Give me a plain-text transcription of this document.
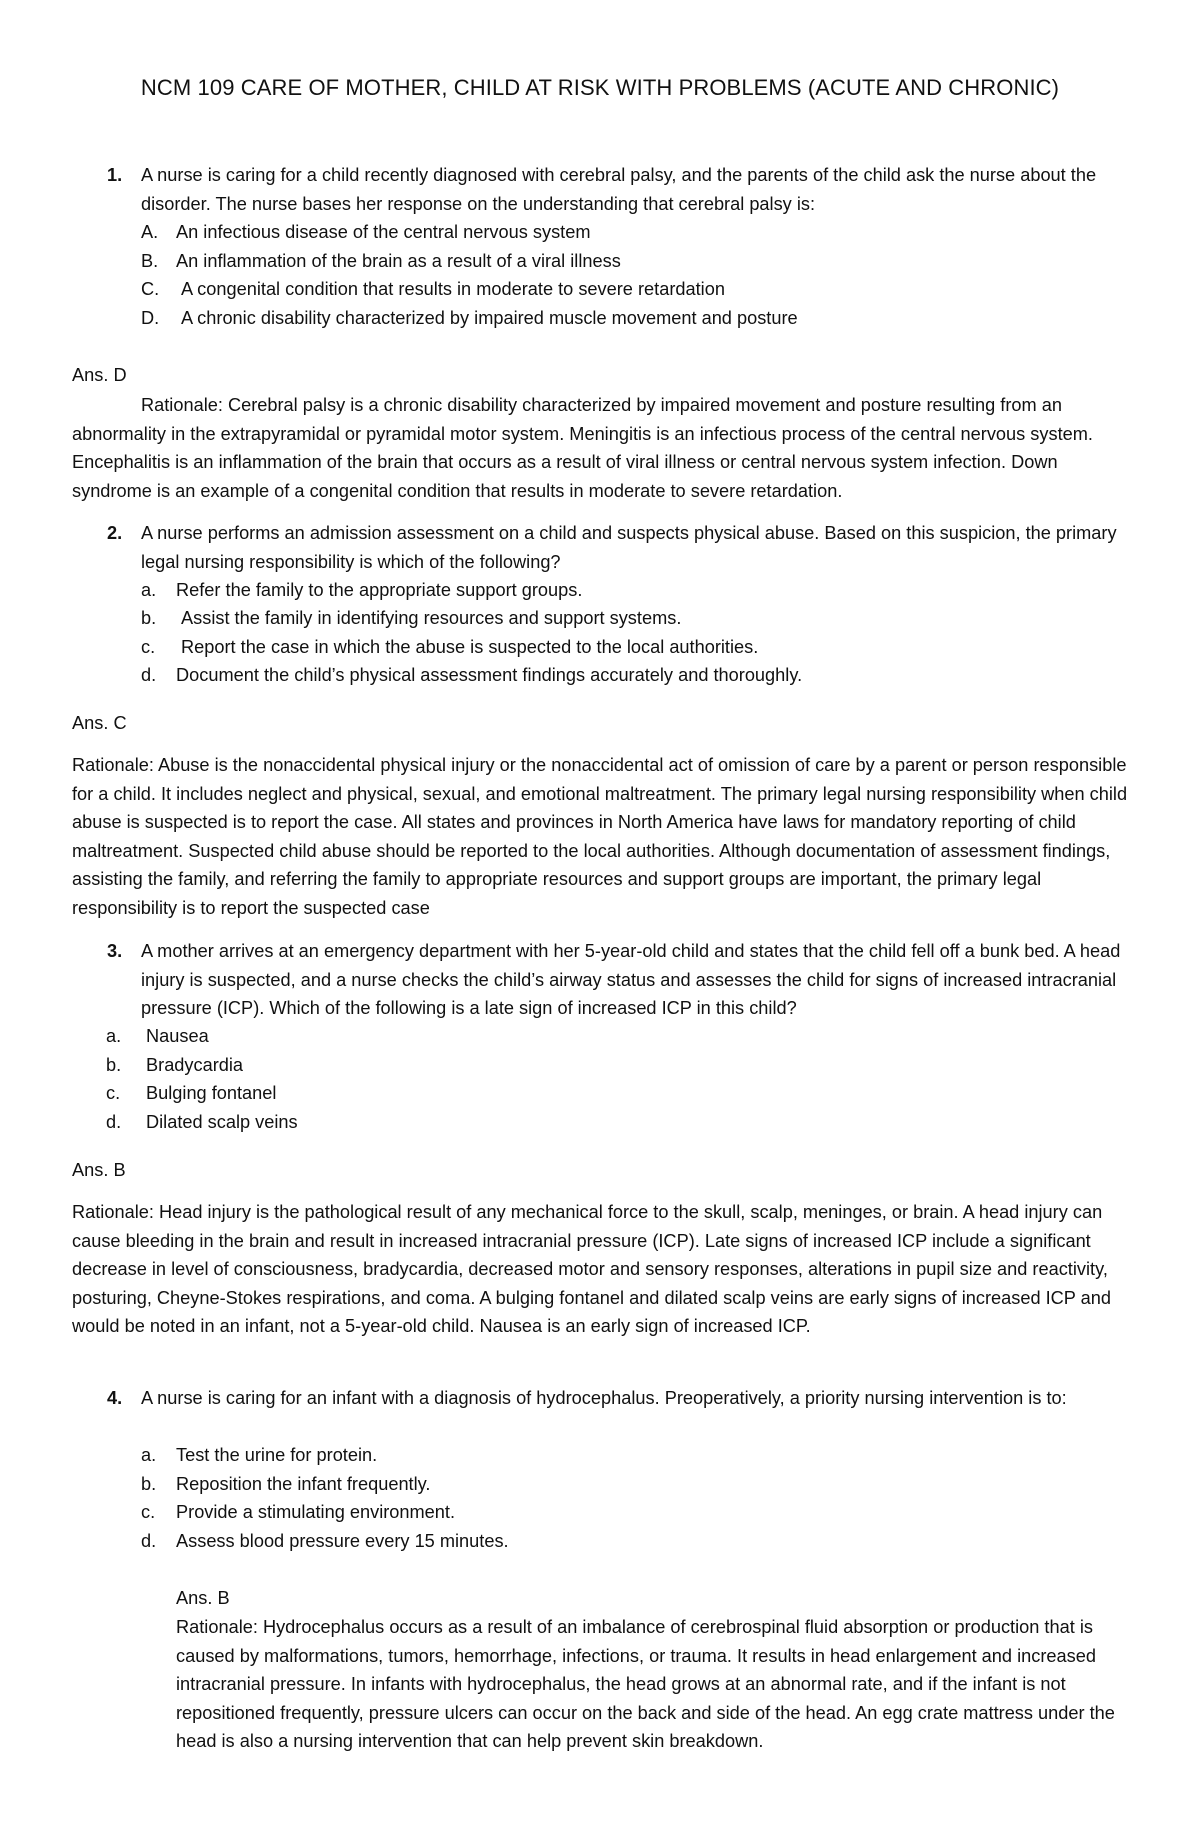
NCM 109 CARE OF MOTHER, CHILD AT RISK WITH PROBLEMS (ACUTE AND CHRONIC)
1. A nurse is caring for a child recently diagnosed with cerebral palsy, and the parents of the child ask the nurse about the disorder. The nurse bases her response on the understanding that cerebral palsy is:
A. An infectious disease of the central nervous system
B. An inflammation of the brain as a result of a viral illness
C. A congenital condition that results in moderate to severe retardation
D. A chronic disability characterized by impaired muscle movement and posture
Ans. D
Rationale: Cerebral palsy is a chronic disability characterized by impaired movement and posture resulting from an abnormality in the extrapyramidal or pyramidal motor system. Meningitis is an infectious process of the central nervous system. Encephalitis is an inflammation of the brain that occurs as a result of viral illness or central nervous system infection. Down syndrome is an example of a congenital condition that results in moderate to severe retardation.
2. A nurse performs an admission assessment on a child and suspects physical abuse. Based on this suspicion, the primary legal nursing responsibility is which of the following?
a. Refer the family to the appropriate support groups.
b. Assist the family in identifying resources and support systems.
c. Report the case in which the abuse is suspected to the local authorities.
d. Document the child’s physical assessment findings accurately and thoroughly.
Ans. C
Rationale: Abuse is the nonaccidental physical injury or the nonaccidental act of omission of care by a parent or person responsible for a child. It includes neglect and physical, sexual, and emotional maltreatment. The primary legal nursing responsibility when child abuse is suspected is to report the case. All states and provinces in North America have laws for mandatory reporting of child maltreatment. Suspected child abuse should be reported to the local authorities. Although documentation of assessment findings, assisting the family, and referring the family to appropriate resources and support groups are important, the primary legal responsibility is to report the suspected case
3. A mother arrives at an emergency department with her 5-year-old child and states that the child fell off a bunk bed. A head injury is suspected, and a nurse checks the child’s airway status and assesses the child for signs of increased intracranial pressure (ICP). Which of the following is a late sign of increased ICP in this child?
a. Nausea
b. Bradycardia
c. Bulging fontanel
d. Dilated scalp veins
Ans. B
Rationale: Head injury is the pathological result of any mechanical force to the skull, scalp, meninges, or brain. A head injury can cause bleeding in the brain and result in increased intracranial pressure (ICP). Late signs of increased ICP include a significant decrease in level of consciousness, bradycardia, decreased motor and sensory responses, alterations in pupil size and reactivity, posturing, Cheyne-Stokes respirations, and coma. A bulging fontanel and dilated scalp veins are early signs of increased ICP and would be noted in an infant, not a 5-year-old child. Nausea is an early sign of increased ICP.
4. A nurse is caring for an infant with a diagnosis of hydrocephalus. Preoperatively, a priority nursing intervention is to:
a. Test the urine for protein.
b. Reposition the infant frequently.
c. Provide a stimulating environment.
d. Assess blood pressure every 15 minutes.
Ans. B
Rationale: Hydrocephalus occurs as a result of an imbalance of cerebrospinal fluid absorption or production that is caused by malformations, tumors, hemorrhage, infections, or trauma. It results in head enlargement and increased intracranial pressure. In infants with hydrocephalus, the head grows at an abnormal rate, and if the infant is not repositioned frequently, pressure ulcers can occur on the back and side of the head. An egg crate mattress under the head is also a nursing intervention that can help prevent skin breakdown.
